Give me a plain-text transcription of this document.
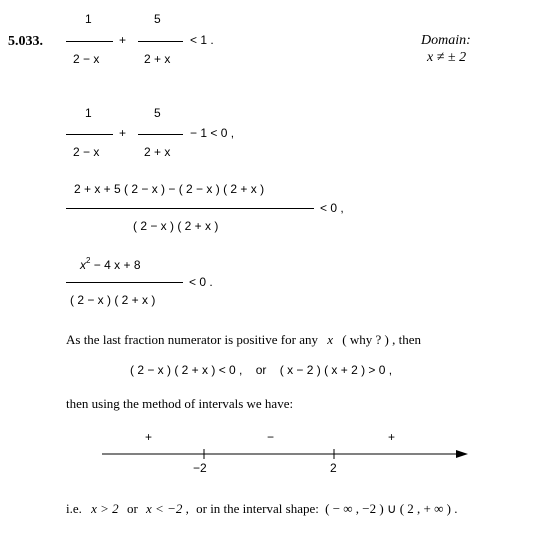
5.033.
1
2 − x
+
5
2 + x
< 1 .	Domain:
x ≠ ± 2
1
2 − x
+
5
2 + x
− 1 < 0 ,
2 + x + 5 ( 2 − x ) − ( 2 − x ) ( 2 + x )
( 2 − x ) ( 2 + x )
< 0 ,
$x^2 - 4$ x + 8
( 2 − x ) ( 2 + x )
< 0 .
As the last fraction numerator is positive for any x ( why ? ) , then
( 2 − x ) ( 2 + x ) < 0 , or ( x − 2 ) ( x + 2 ) > 0 ,
then using the method of intervals we have:
+	−	+
−2	2
i.e. x > 2 or x < −2 , or in the interval shape: ( − ∞ , −2 ) ∪ ( 2 , + ∞ ) .
